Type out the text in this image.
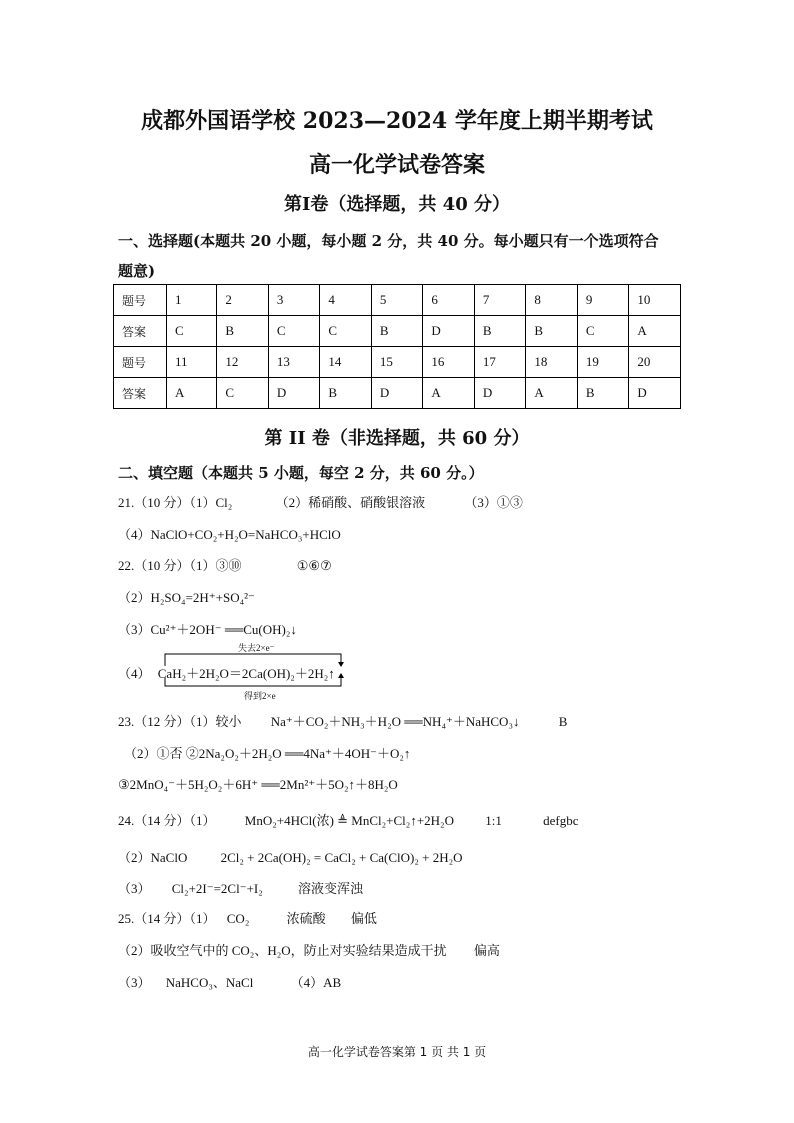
成都外国语学校 2023—2024 学年度上期半期考试
高一化学试卷答案
第Ⅰ卷（选择题，共 40 分）
一、选择题(本题共 20 小题，每小题 2 分，共 40 分。每小题只有一个选项符合
题意)
题号	1	2	3	4	5	6	7	8	9	10
答案	C	B	C	C	B	D	B	B	C	A
题号	11	12	13	14	15	16	17	18	19	20
答案	A	C	D	B	D	A	D	A	B	D
第 II 卷（非选择题，共 60 分）
二、填空题（本题共 5 小题，每空 2 分，共 60 分。）
21.（10 分）（1）Cl₂	（2）稀硝酸、硝酸银溶液	（3）①③
（4）NaClO+CO₂+H₂O=NaHCO₃+HClO
22.（10 分）（1）③⑩	①⑥⑦
（2）H₂SO₄=2H⁺+SO₄²⁻
（3）Cu²⁺＋2OH⁻ ══Cu(OH)₂↓
失去2×e⁻
（4） CaH₂＋2H₂O＝2Ca(OH)₂＋2H₂↑
得到2×e
23.（12 分）（1）较小 Na⁺＋CO₂＋NH₃＋H₂O ══NH₄⁺＋NaHCO₃↓	B
（2）①否 ②2Na₂O₂＋2H₂O ══4Na⁺＋4OH⁻＋O₂↑
③2MnO₄⁻＋5H₂O₂＋6H⁺ ══2Mn²⁺＋5O₂↑＋8H₂O
24.（14 分）（1） MnO₂+4HCl(浓) ≜ MnCl₂+Cl₂↑+2H₂O 1:1	defgbc
（2）NaClO	2Cl₂ + 2Ca(OH)₂ = CaCl₂ + Ca(ClO)₂ + 2H₂O
（3） Cl₂+2I⁻=2Cl⁻+I₂	溶液变浑浊
25.（14 分）（1） CO₂	浓硫酸 偏低
（2）吸收空气中的 CO₂、H₂O，防止对实验结果造成干扰 偏高
（3） NaHCO₃、NaCl	（4）AB
高一化学试卷答案第 1 页 共 1 页
